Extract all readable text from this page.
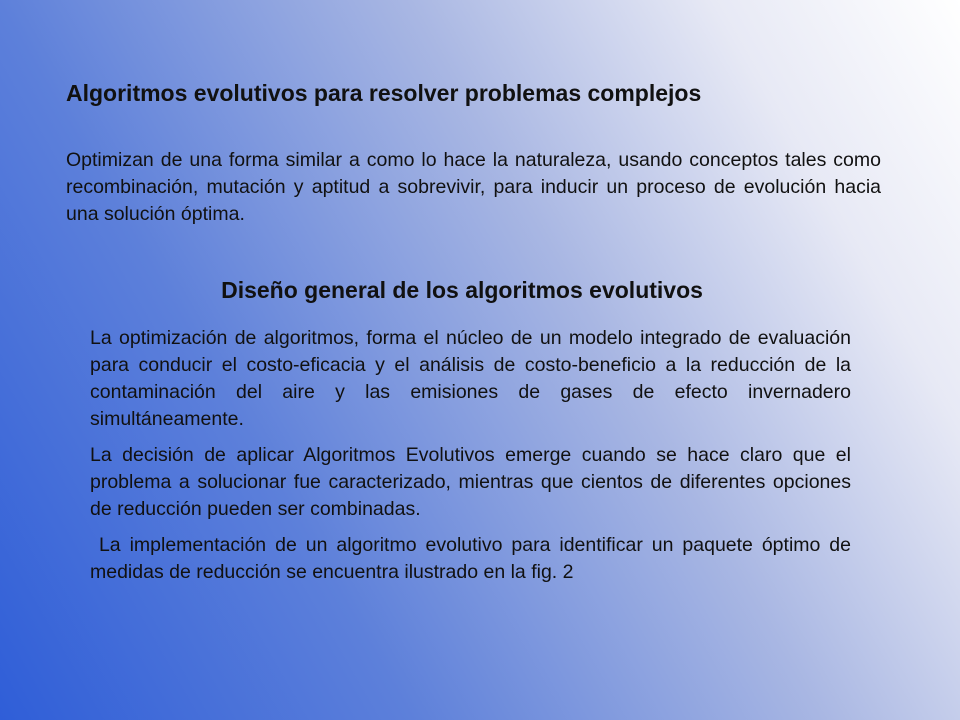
Algoritmos evolutivos para resolver problemas complejos

Optimizan de una forma similar a como lo hace la naturaleza, usando conceptos tales como recombinación, mutación y aptitud a sobrevivir, para inducir un proceso de evolución hacia una solución óptima.

Diseño general de los algoritmos evolutivos

La optimización de algoritmos, forma el núcleo de un modelo integrado de evaluación para conducir el costo-eficacia y el análisis de costo-beneficio a la reducción de la contaminación del aire y las emisiones de gases de efecto invernadero simultáneamente.

La decisión de aplicar Algoritmos Evolutivos emerge cuando se hace claro que el problema a solucionar fue caracterizado, mientras que cientos de diferentes opciones de reducción pueden ser combinadas.

La implementación de un algoritmo evolutivo para identificar un paquete óptimo de medidas de reducción se encuentra ilustrado en la fig. 2
